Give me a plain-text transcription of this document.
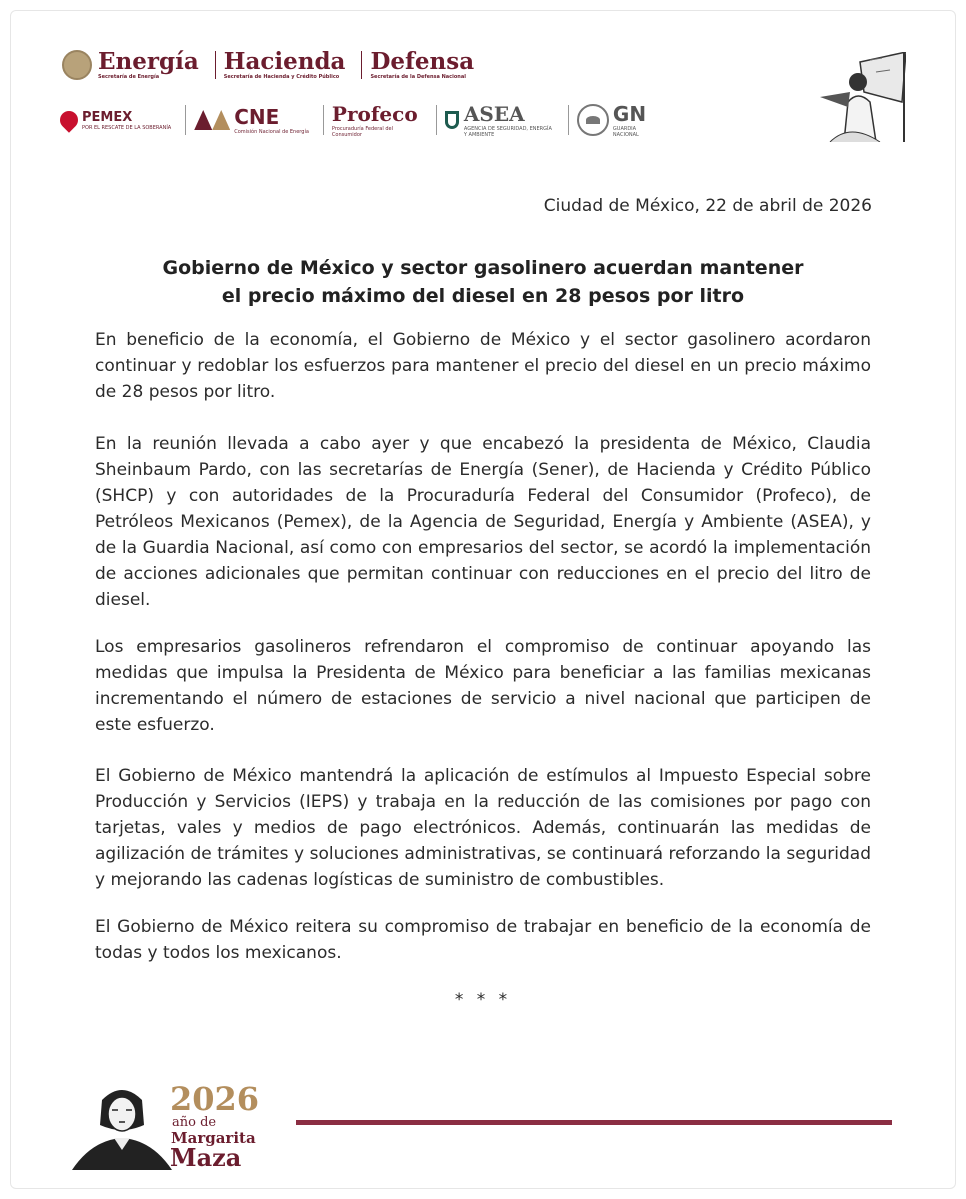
Energía
Secretaría de Energía
Hacienda
Secretaría de Hacienda y Crédito Público
Defensa
Secretaría de la Defensa Nacional
PEMEX
POR EL RESCATE DE LA SOBERANÍA	CNE
Comisión Nacional de Energía
Profeco
Procuraduría Federal del Consumidor
ASEA
AGENCIA DE SEGURIDAD, ENERGÍA Y AMBIENTE
GN
GUARDIA NACIONAL
Ciudad de México, 22 de abril de 2026
Gobierno de México y sector gasolinero acuerdan mantener
el precio máximo del diesel en 28 pesos por litro

En beneficio de la economía, el Gobierno de México y el sector gasolinero acordaron continuar y redoblar los esfuerzos para mantener el precio del diesel en un precio máximo de 28 pesos por litro.

En la reunión llevada a cabo ayer y que encabezó la presidenta de México, Claudia Sheinbaum Pardo, con las secretarías de Energía (Sener), de Hacienda y Crédito Público (SHCP) y con autoridades de la Procuraduría Federal del Consumidor (Profeco), de Petróleos Mexicanos (Pemex), de la Agencia de Seguridad, Energía y Ambiente (ASEA), y de la Guardia Nacional, así como con empresarios del sector, se acordó la implementación de acciones adicionales que permitan continuar con reducciones en el precio del litro de diesel.

Los empresarios gasolineros refrendaron el compromiso de continuar apoyando las medidas que impulsa la Presidenta de México para beneficiar a las familias mexicanas incrementando el número de estaciones de servicio a nivel nacional que participen de este esfuerzo.

El Gobierno de México mantendrá la aplicación de estímulos al Impuesto Especial sobre Producción y Servicios (IEPS) y trabaja en la reducción de las comisiones por pago con tarjetas, vales y medios de pago electrónicos. Además, continuarán las medidas de agilización de trámites y soluciones administrativas, se continuará reforzando la seguridad y mejorando las cadenas logísticas de suministro de combustibles.

El Gobierno de México reitera su compromiso de trabajar en beneficio de la economía de todas y todos los mexicanos.

* * *
2026
año de
Margarita
Maza
